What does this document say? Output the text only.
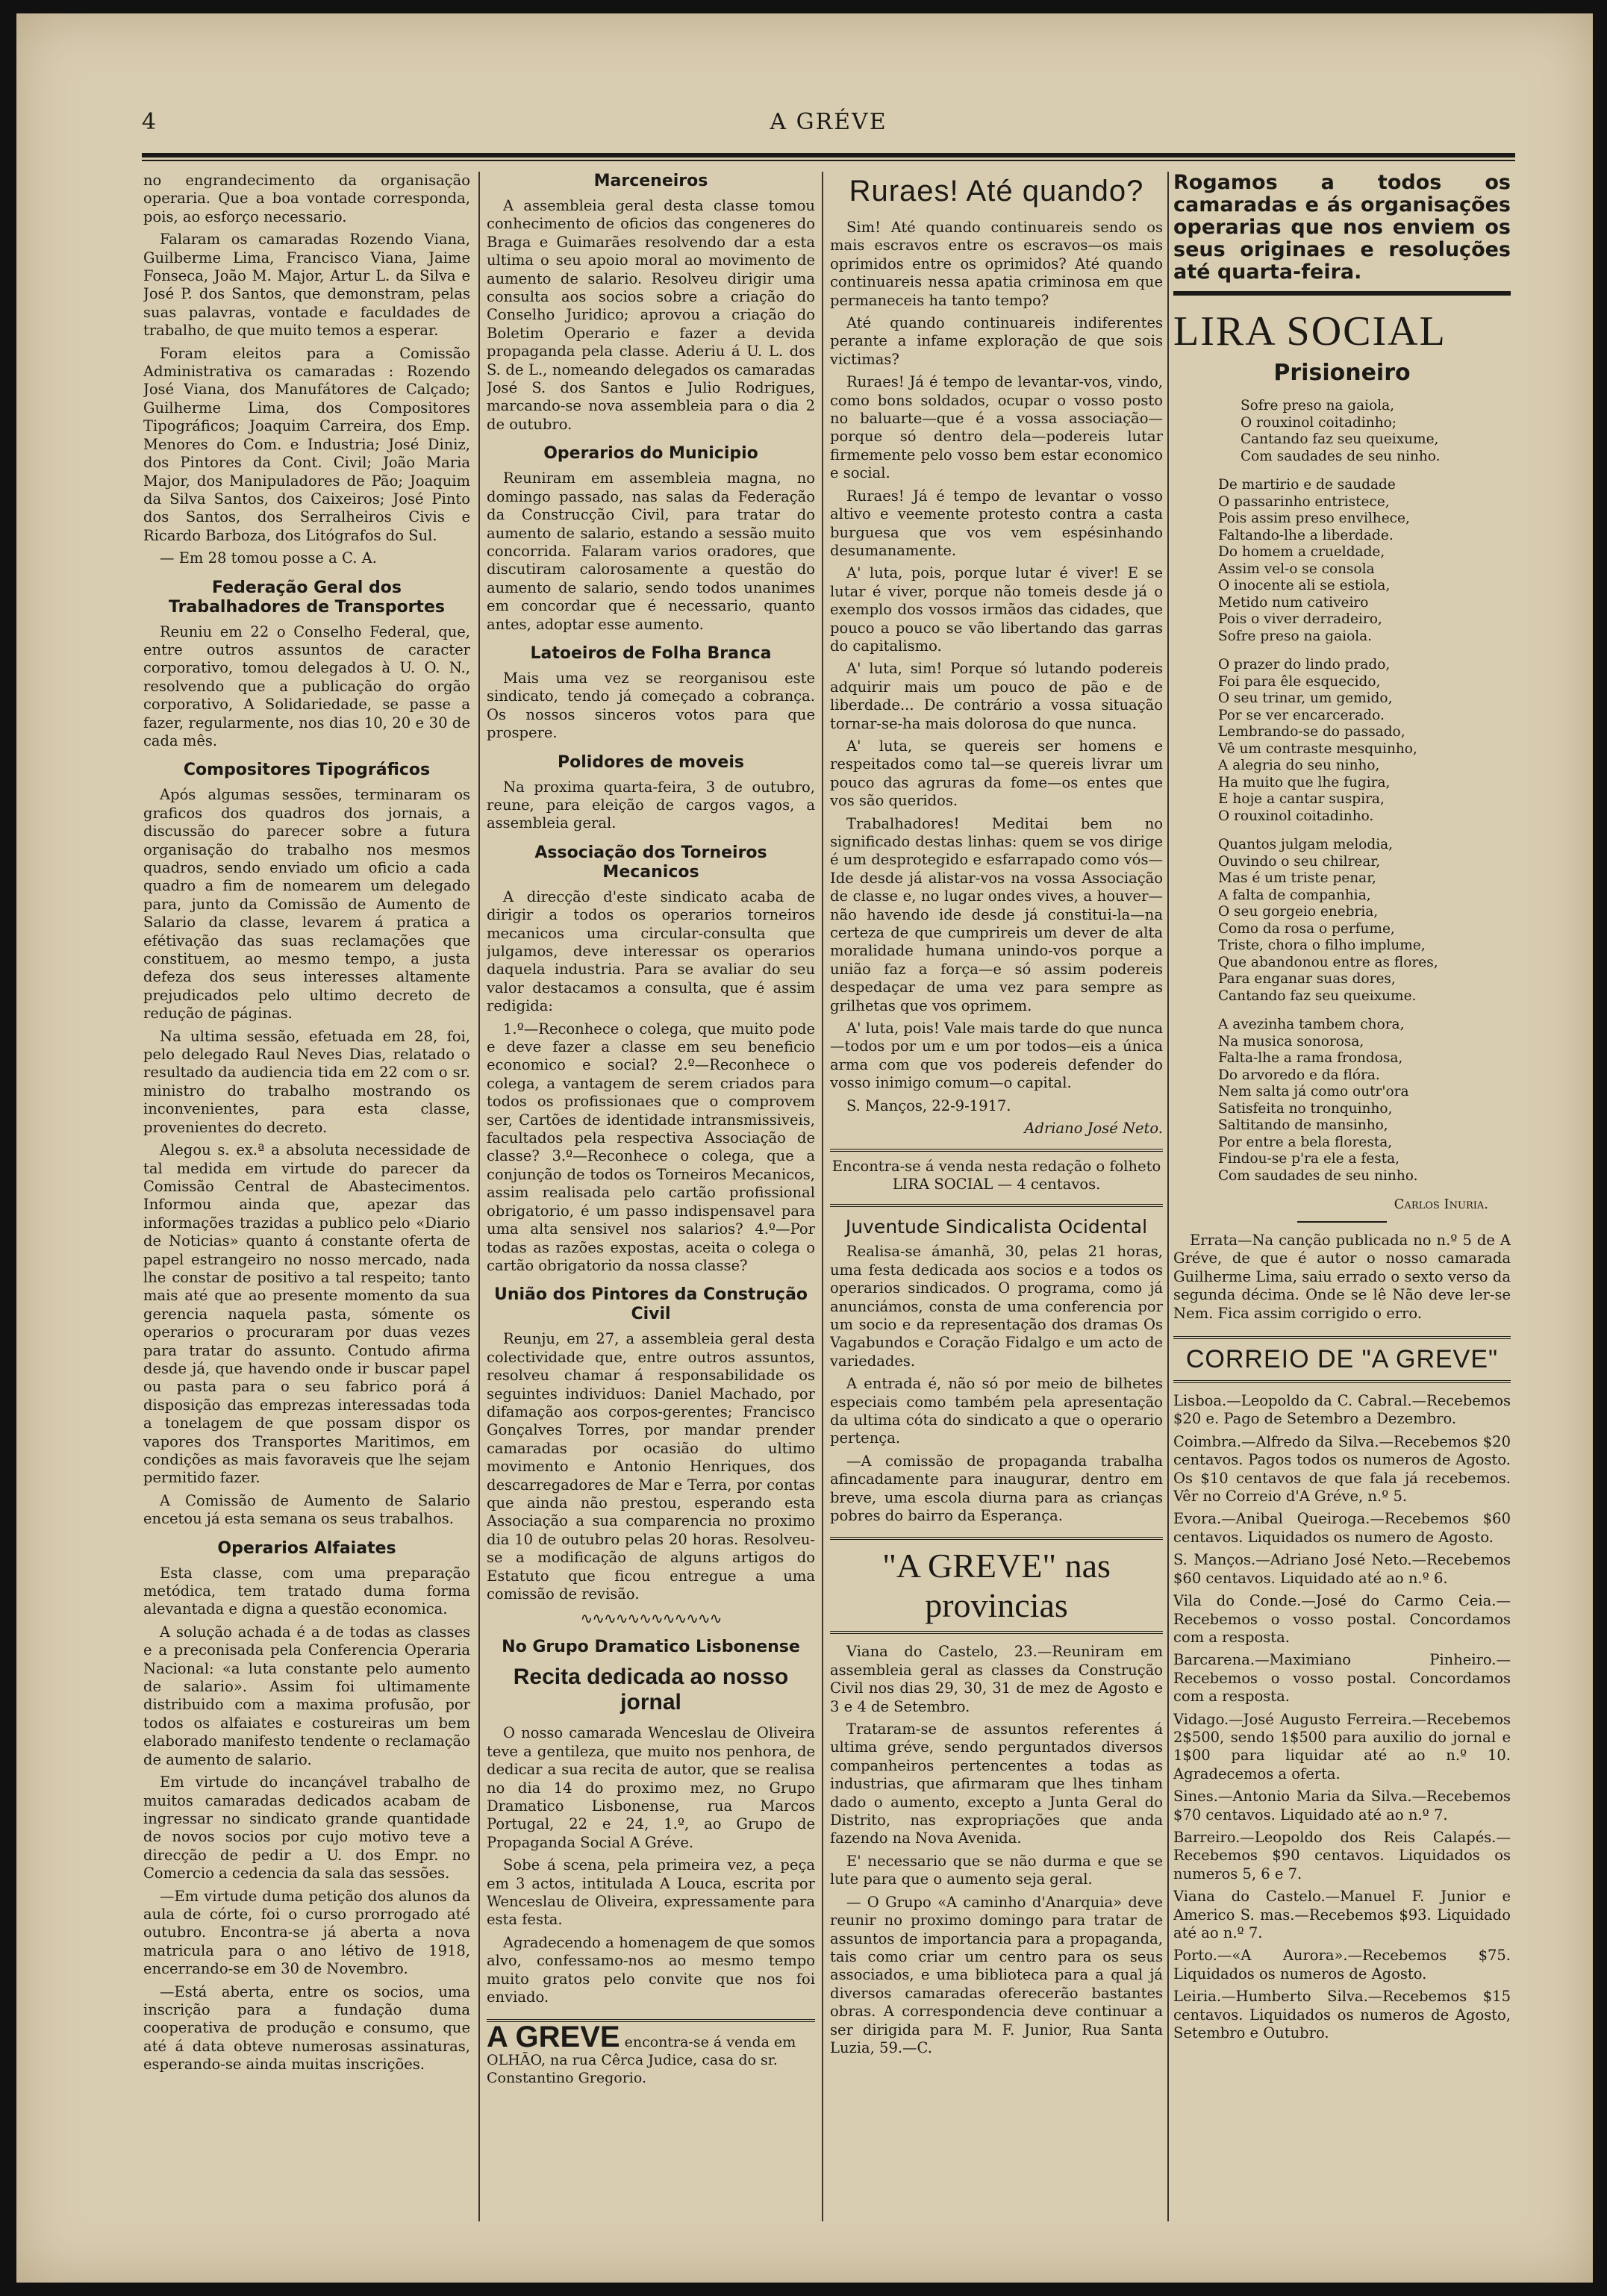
4	A GRÉVE

no engrandecimento da organisação operaria. Que a boa vontade corresponda, pois, ao esforço necessario.

Falaram os camaradas Rozendo Viana, Guilberme Lima, Francisco Viana, Jaime Fonseca, João M. Major, Artur L. da Silva e José P. dos Santos, que demonstram, pelas suas palavras, vontade e faculdades de trabalho, de que muito temos a esperar.

Foram eleitos para a Comissão Administrativa os camaradas : Rozendo José Viana, dos Manufátores de Calçado; Guilherme Lima, dos Compositores Tipográficos; Joaquim Carreira, dos Emp. Menores do Com. e Industria; José Diniz, dos Pintores da Cont. Civil; João Maria Major, dos Manipuladores de Pão; Joaquim da Silva Santos, dos Caixeiros; José Pinto dos Santos, dos Serralheiros Civis e Ricardo Barboza, dos Litógrafos do Sul.

— Em 28 tomou posse a C. A.

Federação Geral dos Trabalhadores de Transportes

Reuniu em 22 o Conselho Federal, que, entre outros assuntos de caracter corporativo, tomou delegados à U. O. N., resolvendo que a publicação do orgão corporativo, A Solidariedade, se passe a fazer, regularmente, nos dias 10, 20 e 30 de cada mês.

Compositores Tipográficos

Após algumas sessões, terminaram os graficos dos quadros dos jornais, a discussão do parecer sobre a futura organisação do trabalho nos mesmos quadros, sendo enviado um oficio a cada quadro a fim de nomearem um delegado para, junto da Comissão de Aumento de Salario da classe, levarem á pratica a efétivação das suas reclamações que constituem, ao mesmo tempo, a justa defeza dos seus interesses altamente prejudicados pelo ultimo decreto de redução de páginas.

Na ultima sessão, efetuada em 28, foi, pelo delegado Raul Neves Dias, relatado o resultado da audiencia tida em 22 com o sr. ministro do trabalho mostrando os inconvenientes, para esta classe, provenientes do decreto.

Alegou s. ex.ª a absoluta necessidade de tal medida em virtude do parecer da Comissão Central de Abastecimentos. Informou ainda que, apezar das informações trazidas a publico pelo «Diario de Noticias» quanto á constante oferta de papel estrangeiro no nosso mercado, nada lhe constar de positivo a tal respeito; tanto mais até que ao presente momento da sua gerencia naquela pasta, sómente os operarios o procuraram por duas vezes para tratar do assunto. Contudo afirma desde já, que havendo onde ir buscar papel ou pasta para o seu fabrico porá á disposição das emprezas interessadas toda a tonelagem de que possam dispor os vapores dos Transportes Maritimos, em condições as mais favoraveis que lhe sejam permitido fazer.

A Comissão de Aumento de Salario encetou já esta semana os seus trabalhos.

Operarios Alfaiates

Esta classe, com uma preparação metódica, tem tratado duma forma alevantada e digna a questão economica.

A solução achada é a de todas as classes e a preconisada pela Conferencia Operaria Nacional: «a luta constante pelo aumento de salario». Assim foi ultimamente distribuido com a maxima profusão, por todos os alfaiates e costureiras um bem elaborado manifesto tendente o reclamação de aumento de salario.

Em virtude do incançável trabalho de muitos camaradas dedicados acabam de ingressar no sindicato grande quantidade de novos socios por cujo motivo teve a direcção de pedir a U. dos Empr. no Comercio a cedencia da sala das sessões.

—Em virtude duma petição dos alunos da aula de córte, foi o curso prorrogado até outubro. Encontra-se já aberta a nova matricula para o ano létivo de 1918, encerrando-se em 30 de Novembro.

—Está aberta, entre os socios, uma inscrição para a fundação duma cooperativa de produção e consumo, que até á data obteve numerosas assinaturas, esperando-se ainda muitas inscrições.

Marceneiros

A assembleia geral desta classe tomou conhecimento de oficios das congeneres do Braga e Guimarães resolvendo dar a esta ultima o seu apoio moral ao movimento de aumento de salario. Resolveu dirigir uma consulta aos socios sobre a criação do Conselho Juridico; aprovou a criação do Boletim Operario e fazer a devida propaganda pela classe. Aderiu á U. L. dos S. de L., nomeando delegados os camaradas José S. dos Santos e Julio Rodrigues, marcando-se nova assembleia para o dia 2 de outubro.

Operarios do Municipio

Reuniram em assembleia magna, no domingo passado, nas salas da Federação da Construcção Civil, para tratar do aumento de salario, estando a sessão muito concorrida. Falaram varios oradores, que discutiram calorosamente a questão do aumento de salario, sendo todos unanimes em concordar que é necessario, quanto antes, adoptar esse aumento.

Latoeiros de Folha Branca

Mais uma vez se reorganisou este sindicato, tendo já começado a cobrança. Os nossos sinceros votos para que prospere.

Polidores de moveis

Na proxima quarta-feira, 3 de outubro, reune, para eleição de cargos vagos, a assembleia geral.

Associação dos Torneiros Mecanicos

A direcção d'este sindicato acaba de dirigir a todos os operarios torneiros mecanicos uma circular-consulta que julgamos, deve interessar os operarios daquela industria. Para se avaliar do seu valor destacamos a consulta, que é assim redigida:

1.º—Reconhece o colega, que muito pode e deve fazer a classe em seu beneficio economico e social? 2.º—Reconhece o colega, a vantagem de serem criados para todos os profissionaes que o comprovem ser, Cartões de identidade intransmissiveis, facultados pela respectiva Associação de classe? 3.º—Reconhece o colega, que a conjunção de todos os Torneiros Mecanicos, assim realisada pelo cartão profissional obrigatorio, é um passo indispensavel para uma alta sensivel nos salarios? 4.º—Por todas as razões expostas, aceita o colega o cartão obrigatorio da nossa classe?

União dos Pintores da Construção Civil

Reunju, em 27, a assembleia geral desta colectividade que, entre outros assuntos, resolveu chamar á responsabilidade os seguintes individuos: Daniel Machado, por difamação aos corpos-gerentes; Francisco Gonçalves Torres, por mandar prender camaradas por ocasião do ultimo movimento e Antonio Henriques, dos descarregadores de Mar e Terra, por contas que ainda não prestou, esperando esta Associação a sua comparencia no proximo dia 10 de outubro pelas 20 horas. Resolveu-se a modificação de alguns artigos do Estatuto que ficou entregue a uma comissão de revisão.

∿∿∿∿∿∿∿∿∿∿∿∿
No Grupo Dramatico Lisbonense
Recita dedicada ao nosso jornal

O nosso camarada Wenceslau de Oliveira teve a gentileza, que muito nos penhora, de dedicar a sua recita de autor, que se realisa no dia 14 do proximo mez, no Grupo Dramatico Lisbonense, rua Marcos Portugal, 22 e 24, 1.º, ao Grupo de Propaganda Social A Gréve.

Sobe á scena, pela primeira vez, a peça em 3 actos, intitulada A Louca, escrita por Wenceslau de Oliveira, expressamente para esta festa.

Agradecendo a homenagem de que somos alvo, confessamo-nos ao mesmo tempo muito gratos pelo convite que nos foi enviado.

A GREVE encontra-se á venda em OLHÃO, na rua Cêrca Judice, casa do sr. Constantino Gregorio.
Ruraes! Até quando?

Sim! Até quando continuareis sendo os mais escravos entre os escravos—os mais oprimidos entre os oprimidos? Até quando continuareis nessa apatia criminosa em que permaneceis ha tanto tempo?

Até quando continuareis indiferentes perante a infame exploração de que sois victimas?

Ruraes! Já é tempo de levantar-vos, vindo, como bons soldados, ocupar o vosso posto no baluarte—que é a vossa associação—porque só dentro dela—podereis lutar firmemente pelo vosso bem estar economico e social.

Ruraes! Já é tempo de levantar o vosso altivo e veemente protesto contra a casta burguesa que vos vem espésinhando desumanamente.

A' luta, pois, porque lutar é viver! E se lutar é viver, porque não tomeis desde já o exemplo dos vossos irmãos das cidades, que pouco a pouco se vão libertando das garras do capitalismo.

A' luta, sim! Porque só lutando podereis adquirir mais um pouco de pão e de liberdade... De contrário a vossa situação tornar-se-ha mais dolorosa do que nunca.

A' luta, se quereis ser homens e respeitados como tal—se quereis livrar um pouco das agruras da fome—os entes que vos são queridos.

Trabalhadores! Meditai bem no significado destas linhas: quem se vos dirige é um desprotegido e esfarrapado como vós—Ide desde já alistar-vos na vossa Associação de classe e, no lugar ondes vives, a houver—não havendo ide desde já constitui-la—na certeza de que cumprireis um dever de alta moralidade humana unindo-vos porque a união faz a força—e só assim podereis despedaçar de uma vez para sempre as grilhetas que vos oprimem.

A' luta, pois! Vale mais tarde do que nunca—todos por um e um por todos—eis a única arma com que vos podereis defender do vosso inimigo comum—o capital.

S. Manços, 22-9-1917.

Adriano José Neto.

Encontra-se á venda nesta redação o folheto LIRA SOCIAL — 4 centavos.

Juventude Sindicalista Ocidental

Realisa-se ámanhã, 30, pelas 21 horas, uma festa dedicada aos socios e a todos os operarios sindicados. O programa, como já anunciámos, consta de uma conferencia por um socio e da representação dos dramas Os Vagabundos e Coração Fidalgo e um acto de variedades.

A entrada é, não só por meio de bilhetes especiais como também pela apresentação da ultima cóta do sindicato a que o operario pertença.

—A comissão de propaganda trabalha afincadamente para inaugurar, dentro em breve, uma escola diurna para as crianças pobres do bairro da Esperança.

"A GREVE" nas provincias

Viana do Castelo, 23.—Reuniram em assembleia geral as classes da Construção Civil nos dias 29, 30, 31 de mez de Agosto e 3 e 4 de Setembro.

Trataram-se de assuntos referentes á ultima gréve, sendo perguntados diversos companheiros pertencentes a todas as industrias, que afirmaram que lhes tinham dado o aumento, excepto a Junta Geral do Distrito, nas expropriações que anda fazendo na Nova Avenida.

E' necessario que se não durma e que se lute para que o aumento seja geral.

— O Grupo «A caminho d'Anarquia» deve reunir no proximo domingo para tratar de assuntos de importancia para a propaganda, tais como criar um centro para os seus associados, e uma biblioteca para a qual já diversos camaradas oferecerão bastantes obras. A correspondencia deve continuar a ser dirigida para M. F. Junior, Rua Santa Luzia, 59.—C.

Rogamos a todos os camaradas e ás organisações operarias que nos enviem os seus originaes e resoluções até quarta-feira.
LIRA SOCIAL
Prisioneiro
Sofre preso na gaiola,
O rouxinol coitadinho;
Cantando faz seu queixume,
Com saudades de seu ninho.
De martirio e de saudade
O passarinho entristece,
Pois assim preso envilhece,
Faltando-lhe a liberdade.
Do homem a crueldade,
Assim vel-o se consola
O inocente ali se estiola,
Metido num cativeiro
Pois o viver derradeiro,
Sofre preso na gaiola.
O prazer do lindo prado,
Foi para êle esquecido,
O seu trinar, um gemido,
Por se ver encarcerado.
Lembrando-se do passado,
Vê um contraste mesquinho,
A alegria do seu ninho,
Ha muito que lhe fugira,
E hoje a cantar suspira,
O rouxinol coitadinho.
Quantos julgam melodia,
Ouvindo o seu chilrear,
Mas é um triste penar,
A falta de companhia,
O seu gorgeio enebria,
Como da rosa o perfume,
Triste, chora o filho implume,
Que abandonou entre as flores,
Para enganar suas dores,
Cantando faz seu queixume.
A avezinha tambem chora,
Na musica sonorosa,
Falta-lhe a rama frondosa,
Do arvoredo e da flóra.
Nem salta já como outr'ora
Satisfeita no tronquinho,
Saltitando de mansinho,
Por entre a bela floresta,
Findou-se p'ra ele a festa,
Com saudades de seu ninho.
Carlos Inuria.

Errata—Na canção publicada no n.º 5 de A Gréve, de que é autor o nosso camarada Guilherme Lima, saiu errado o sexto verso da segunda décima. Onde se lê Não deve ler-se Nem. Fica assim corrigido o erro.

CORREIO DE "A GREVE"

Lisboa.—Leopoldo da C. Cabral.—Recebemos $20 e. Pago de Setembro a Dezembro.

Coimbra.—Alfredo da Silva.—Recebemos $20 centavos. Pagos todos os numeros de Agosto. Os $10 centavos de que fala já recebemos. Vêr no Correio d'A Gréve, n.º 5.

Evora.—Anibal Queiroga.—Recebemos $60 centavos. Liquidados os numero de Agosto.

S. Manços.—Adriano José Neto.—Recebemos $60 centavos. Liquidado até ao n.º 6.

Vila do Conde.—José do Carmo Ceia.—Recebemos o vosso postal. Concordamos com a resposta.

Barcarena.—Maximiano Pinheiro.—Recebemos o vosso postal. Concordamos com a resposta.

Vidago.—José Augusto Ferreira.—Recebemos 2$500, sendo 1$500 para auxilio do jornal e 1$00 para liquidar até ao n.º 10. Agradecemos a oferta.

Sines.—Antonio Maria da Silva.—Recebemos $70 centavos. Liquidado até ao n.º 7.

Barreiro.—Leopoldo dos Reis Calapés.—Recebemos $90 centavos. Liquidados os numeros 5, 6 e 7.

Viana do Castelo.—Manuel F. Junior e Americo S. mas.—Recebemos $93. Liquidado até ao n.º 7.

Porto.—«A Aurora».—Recebemos $75. Liquidados os numeros de Agosto.

Leiria.—Humberto Silva.—Recebemos $15 centavos. Liquidados os numeros de Agosto, Setembro e Outubro.
